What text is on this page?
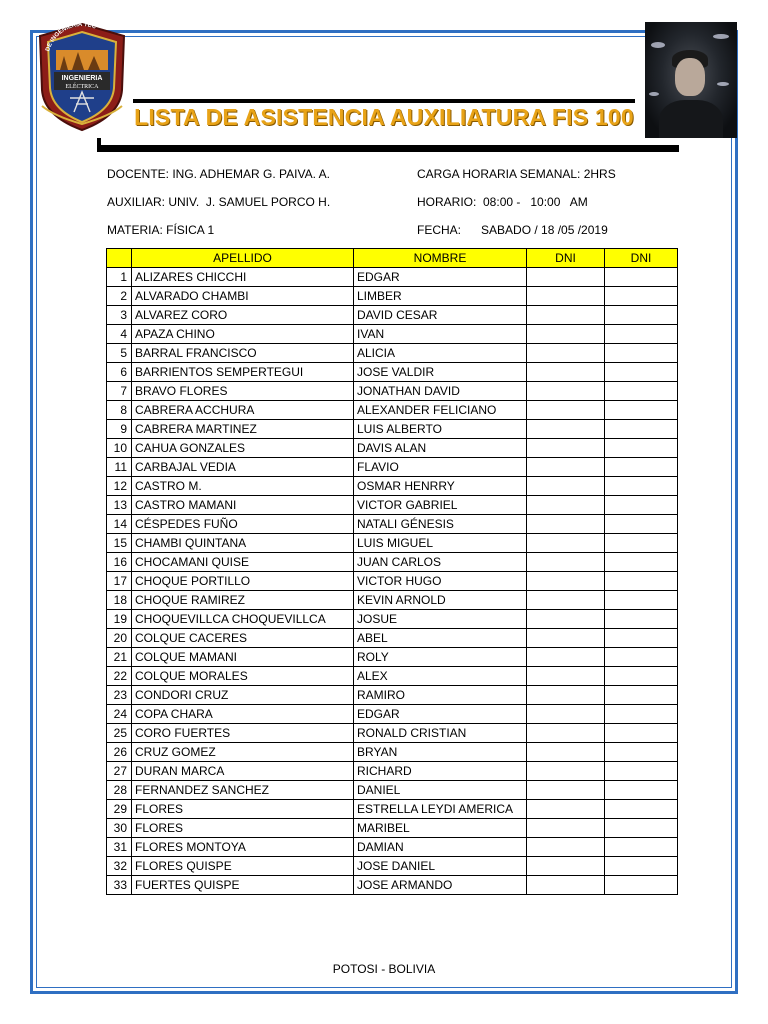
DE INGENIERIA TEC
INGENIERIA
ELÉCTRICA
LISTA DE ASISTENCIA AUXILIATURA FIS 100
DOCENTE: ING. ADHEMAR G. PAIVA. A.	CARGA HORARIA SEMANAL: 2HRS
AUXILIAR: UNIV.  J. SAMUEL PORCO H.	HORARIO:  08:00 -   10:00   AM
MATERIA: FÍSICA 1	FECHA:      SABADO / 18 /05 /2019
	APELLIDO	NOMBRE	DNI	DNI
1	ALIZARES CHICCHI	EDGAR		
2	ALVARADO CHAMBI	LIMBER		
3	ALVAREZ CORO	DAVID CESAR		
4	APAZA CHINO	IVAN		
5	BARRAL FRANCISCO	ALICIA		
6	BARRIENTOS SEMPERTEGUI	JOSE VALDIR		
7	BRAVO FLORES	JONATHAN DAVID		
8	CABRERA ACCHURA	ALEXANDER FELICIANO		
9	CABRERA MARTINEZ	LUIS ALBERTO		
10	CAHUA GONZALES	DAVIS ALAN		
11	CARBAJAL VEDIA	FLAVIO		
12	CASTRO M.	OSMAR HENRRY		
13	CASTRO MAMANI	VICTOR GABRIEL		
14	CÉSPEDES FUÑO	NATALI GÉNESIS		
15	CHAMBI QUINTANA	LUIS MIGUEL		
16	CHOCAMANI QUISE	JUAN CARLOS		
17	CHOQUE PORTILLO	VICTOR HUGO		
18	CHOQUE RAMIREZ	KEVIN ARNOLD		
19	CHOQUEVILLCA CHOQUEVILLCA	JOSUE		
20	COLQUE CACERES	ABEL		
21	COLQUE MAMANI	ROLY		
22	COLQUE MORALES	ALEX		
23	CONDORI CRUZ	RAMIRO		
24	COPA CHARA	EDGAR		
25	CORO FUERTES	RONALD CRISTIAN		
26	CRUZ GOMEZ	BRYAN		
27	DURAN MARCA	RICHARD		
28	FERNANDEZ SANCHEZ	DANIEL		
29	FLORES	ESTRELLA LEYDI AMERICA		
30	FLORES	MARIBEL		
31	FLORES MONTOYA	DAMIAN		
32	FLORES QUISPE	JOSE DANIEL		
33	FUERTES QUISPE	JOSE ARMANDO		
POTOSI - BOLIVIA
